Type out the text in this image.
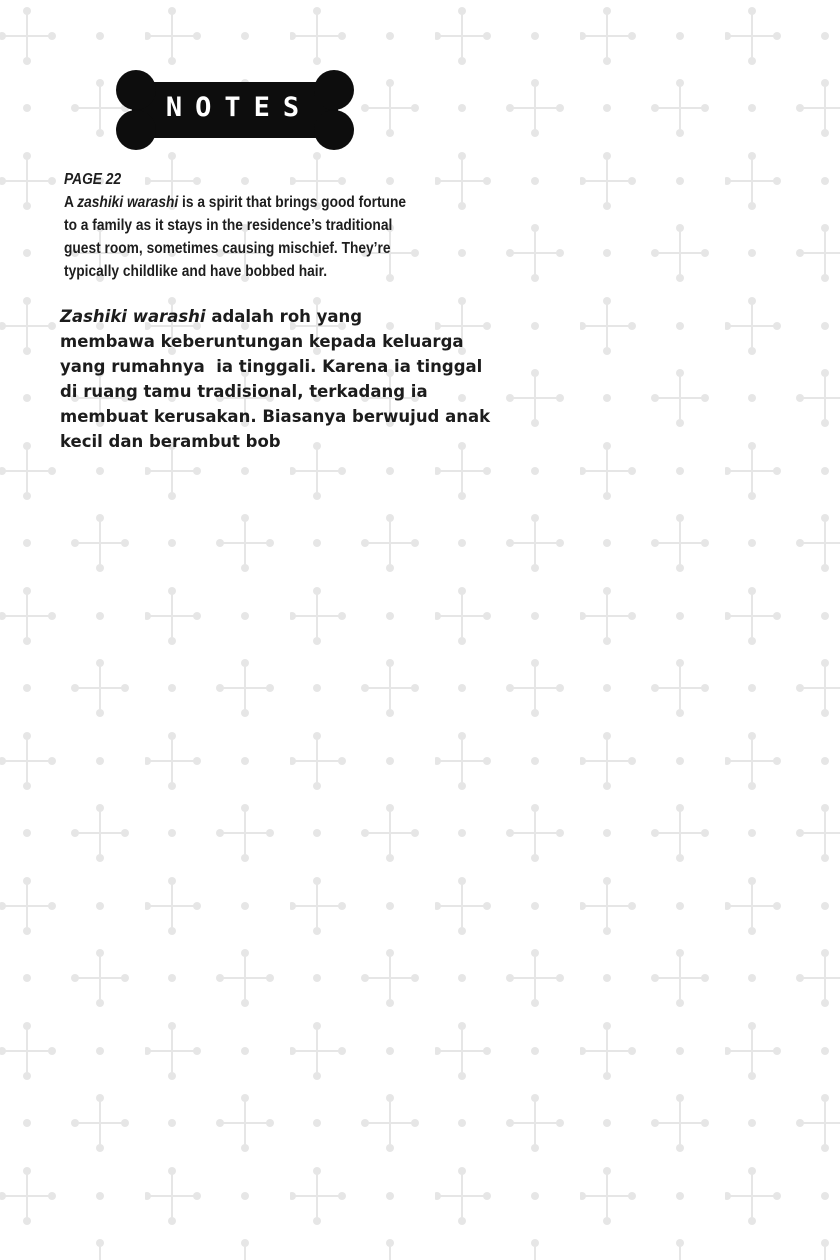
NOTES
PAGE 22
A zashiki warashi is a spirit that brings good fortune
to a family as it stays in the residence’s traditional
guest room, sometimes causing mischief. They’re
typically childlike and have bobbed hair.
Zashiki warashi adalah roh yang
membawa keberuntungan kepada keluarga
yang rumahnya  ia tinggali. Karena ia tinggal
di ruang tamu tradisional, terkadang ia
membuat kerusakan. Biasanya berwujud anak
kecil dan berambut bob
